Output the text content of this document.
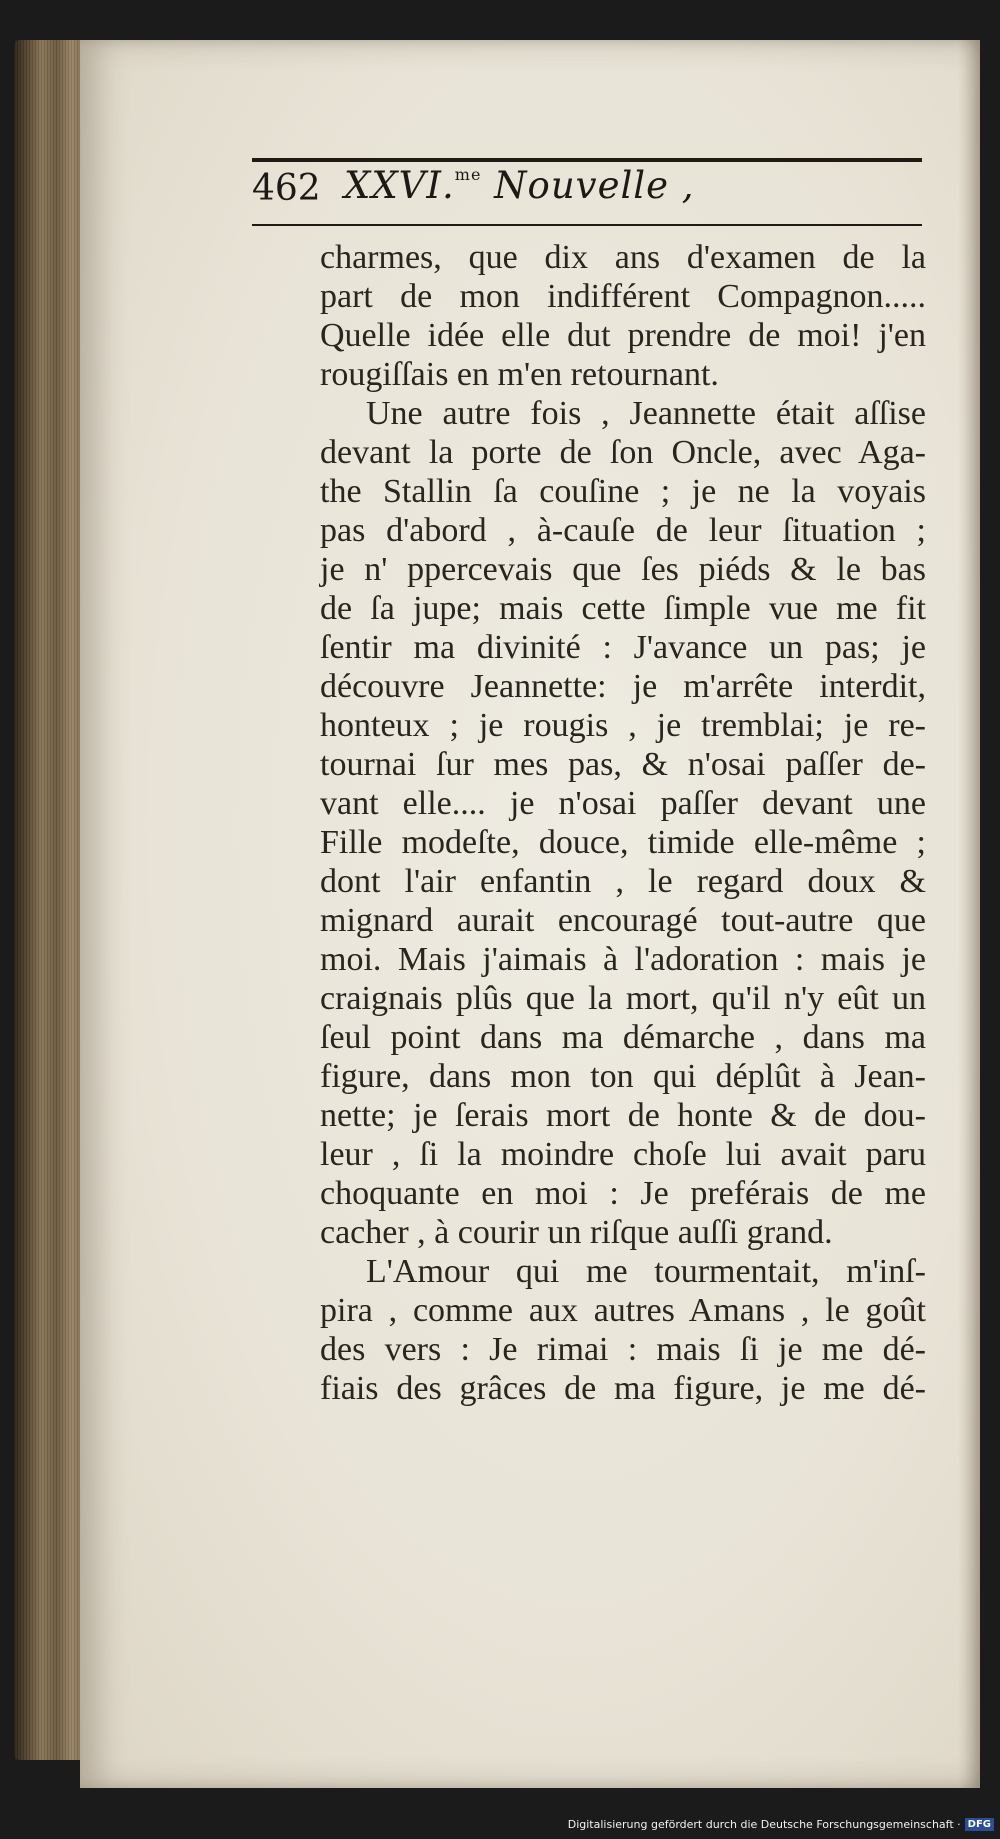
462 XXVI.$^{me}$ Nouvelle ,
charmes, que dix ans d'examen de la
part de mon indifférent Compagnon.....
Quelle idée elle dut prendre de moi! j'en
rougiſſais en m'en retournant.
Une autre fois , Jeannette était aſſise
devant la porte de ſon Oncle, avec Aga-
the Stallin ſa couſine ; je ne la voyais
pas d'abord , à-cauſe de leur ſituation ;
je n' ppercevais que ſes piéds & le bas
de ſa jupe; mais cette ſimple vue me fit
ſentir ma divinité : J'avance un pas; je
découvre Jeannette: je m'arrête interdit,
honteux ; je rougis , je tremblai; je re-
tournai ſur mes pas, & n'osai paſſer de-
vant elle.... je n'osai paſſer devant une
Fille modeſte, douce, timide elle-même ;
dont l'air enfantin , le regard doux &
mignard aurait encouragé tout-autre que
moi. Mais j'aimais à l'adoration : mais je
craignais plûs que la mort, qu'il n'y eût un
ſeul point dans ma démarche , dans ma
figure, dans mon ton qui déplût à Jean-
nette; je ſerais mort de honte & de dou-
leur , ſi la moindre choſe lui avait paru
choquante en moi : Je preférais de me
cacher , à courir un riſque auſſi grand.
L'Amour qui me tourmentait, m'inſ-
pira , comme aux autres Amans , le goût
des vers : Je rimai : mais ſi je me dé-
fiais des grâces de ma figure, je me dé-
Digitalisierung gefördert durch die Deutsche Forschungsgemeinschaft · DFG
